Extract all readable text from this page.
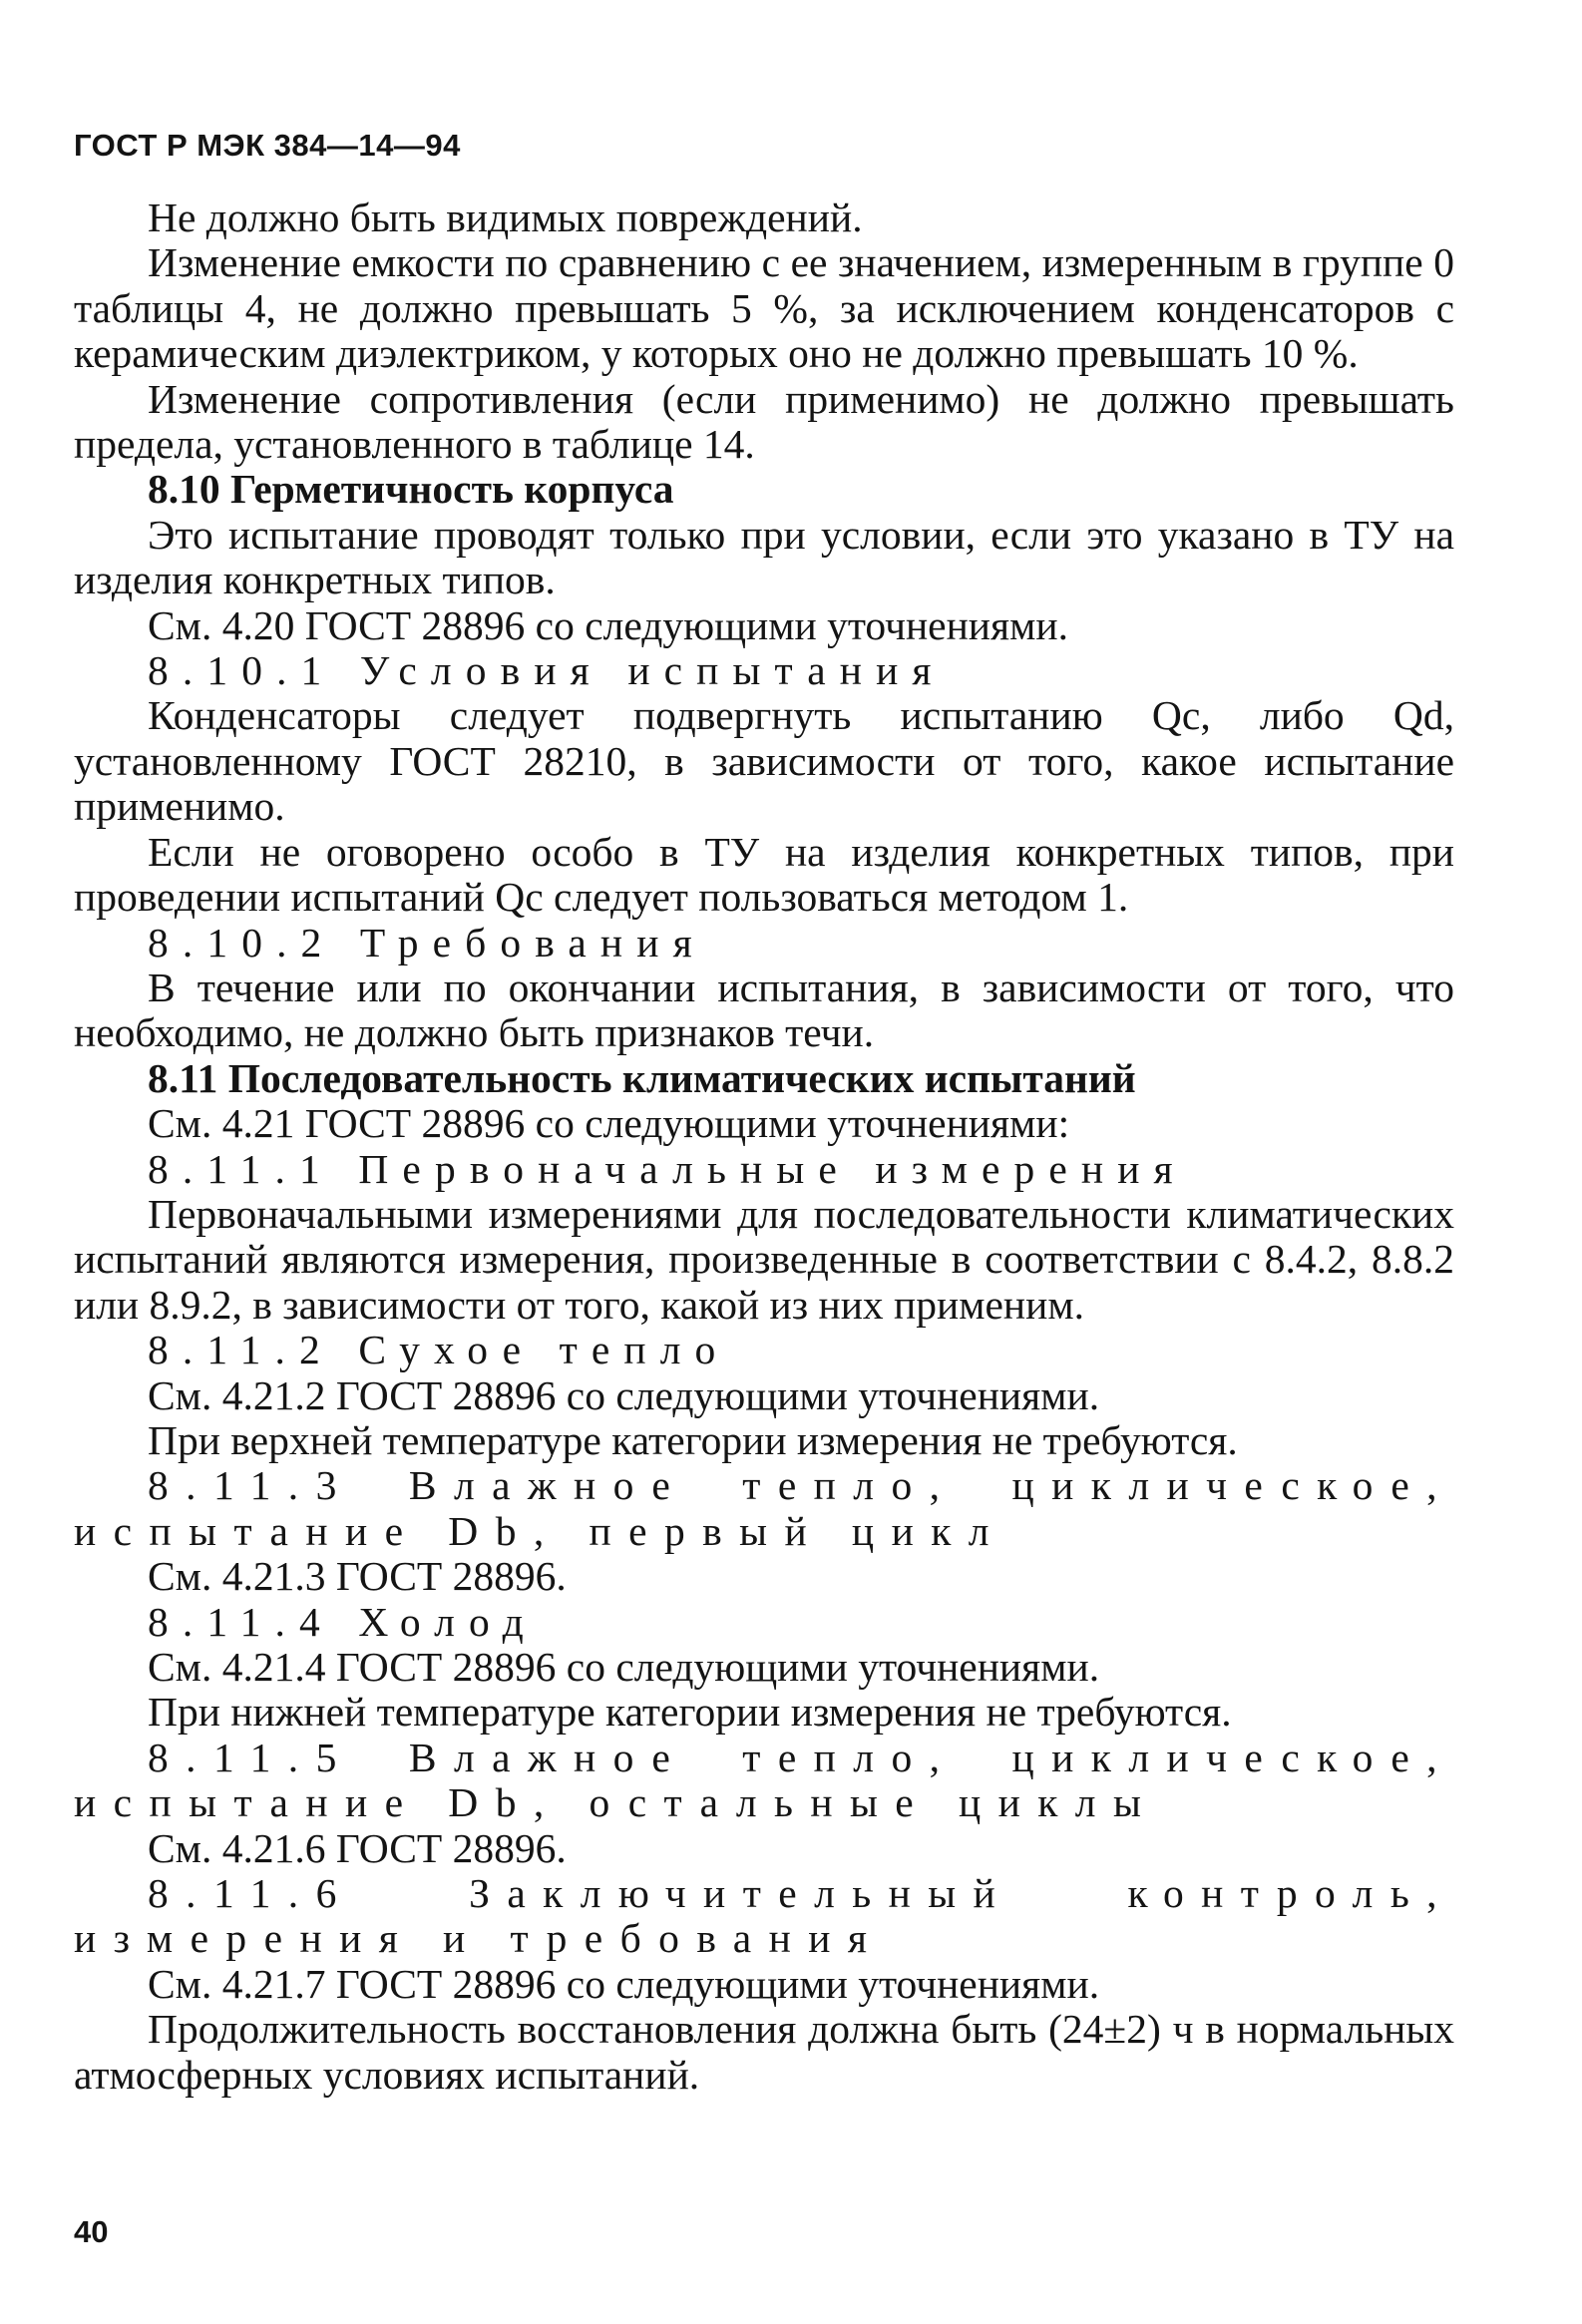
ГОСТ Р МЭК 384—14—94

Не должно быть видимых повреждений.

Изменение емкости по сравнению с ее значением, измеренным в группе 0 таблицы 4, не должно превышать 5 %, за исключением конденсаторов с керамическим диэлектриком, у которых оно не должно превышать 10 %.

Изменение сопротивления (если применимо) не должно превышать предела, установленного в таблице 14.

8.10 Герметичность корпуса

Это испытание проводят только при условии, если это указано в ТУ на изделия конкретных типов.

См. 4.20 ГОСТ 28896 со следующими уточнениями.

8.10.1 Условия испытания

Конденсаторы следует подвергнуть испытанию Qc, либо Qd, установленному ГОСТ 28210, в зависимости от того, какое испытание применимо.

Если не оговорено особо в ТУ на изделия конкретных типов, при проведении испытаний Qc следует пользоваться методом 1.

8.10.2 Требования

В течение или по окончании испытания, в зависимости от того, что необходимо, не должно быть признаков течи.

8.11 Последовательность климатических испытаний

См. 4.21 ГОСТ 28896 со следующими уточнениями:

8.11.1 Первоначальные измерения

Первоначальными измерениями для последовательности климатических испытаний являются измерения, произведенные в соответствии с 8.4.2, 8.8.2 или 8.9.2, в зависимости от того, какой из них применим.

8.11.2 Сухое тепло

См. 4.21.2 ГОСТ 28896 со следующими уточнениями.

При верхней температуре категории измерения не требуются.

8.11.3 Влажное тепло, циклическое, испытание Db, первый цикл

См. 4.21.3 ГОСТ 28896.

8.11.4 Холод

См. 4.21.4 ГОСТ 28896 со следующими уточнениями.

При нижней температуре категории измерения не требуются.

8.11.5 Влажное тепло, циклическое, испытание Db, остальные циклы

См. 4.21.6 ГОСТ 28896.

8.11.6 Заключительный контроль, измерения и требования

См. 4.21.7 ГОСТ 28896 со следующими уточнениями.

Продолжительность восстановления должна быть (24±2) ч в нормальных атмосферных условиях испытаний.

40
